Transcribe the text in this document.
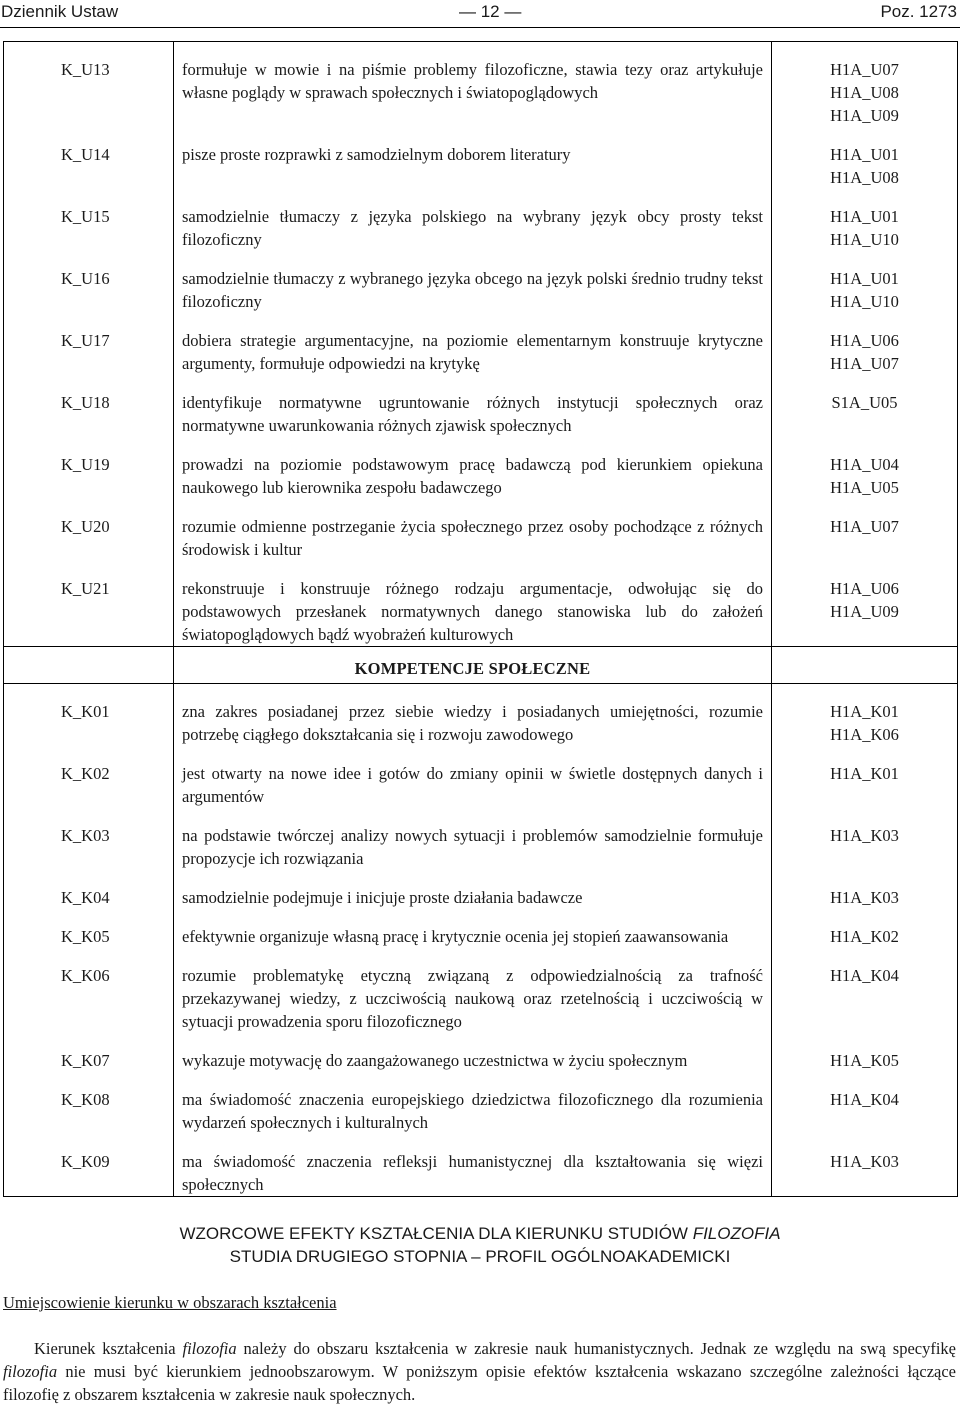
Dziennik Ustaw	— 12 —	Poz. 1273
K_U13	formułuje w mowie i na piśmie problemy filozoficzne, stawia tezy oraz artykułuje własne poglądy w sprawach społecznych i światopoglądowych	H1A_U07
H1A_U08
H1A_U09

K_U14	pisze proste rozprawki z samodzielnym doborem literatury	H1A_U01
H1A_U08

K_U15	samodzielnie tłumaczy z języka polskiego na wybrany język obcy prosty tekst filozoficzny	H1A_U01
H1A_U10

K_U16	samodzielnie tłumaczy z wybranego języka obcego na język polski średnio trudny tekst filozoficzny	H1A_U01
H1A_U10

K_U17	dobiera strategie argumentacyjne, na poziomie elementarnym konstruuje krytyczne argumenty, formułuje odpowiedzi na krytykę	H1A_U06
H1A_U07

K_U18	identyfikuje normatywne ugruntowanie różnych instytucji społecznych oraz normatywne uwarunkowania różnych zjawisk społecznych	S1A_U05

K_U19	prowadzi na poziomie podstawowym pracę badawczą pod kierunkiem opiekuna naukowego lub kierownika zespołu badawczego	H1A_U04
H1A_U05

K_U20	rozumie odmienne postrzeganie życia społecznego przez osoby pochodzące z różnych środowisk i kultur	H1A_U07

K_U21	rekonstruuje i konstruuje różnego rodzaju argumentacje, odwołując się do podstawowych przesłanek normatywnych danego stanowiska lub do założeń światopoglądowych bądź wyobrażeń kulturowych	H1A_U06
H1A_U09

	KOMPETENCJE SPOŁECZNE	
K_K01	zna zakres posiadanej przez siebie wiedzy i posiadanych umiejętności, rozumie potrzebę ciągłego dokształcania się i rozwoju zawodowego	H1A_K01
H1A_K06

K_K02	jest otwarty na nowe idee i gotów do zmiany opinii w świetle dostępnych danych i argumentów	H1A_K01

K_K03	na podstawie twórczej analizy nowych sytuacji i problemów samodzielnie formułuje propozycje ich rozwiązania	H1A_K03

K_K04	samodzielnie podejmuje i inicjuje proste działania badawcze	H1A_K03

K_K05	efektywnie organizuje własną pracę i krytycznie ocenia jej stopień zaawansowania	H1A_K02

K_K06	rozumie problematykę etyczną związaną z odpowiedzialnością za trafność przekazywanej wiedzy, z uczciwością naukową oraz rzetelnością i uczciwością w sytuacji prowadzenia sporu filozoficznego	H1A_K04

K_K07	wykazuje motywację do zaangażowanego uczestnictwa w życiu społecznym	H1A_K05

K_K08	ma świadomość znaczenia europejskiego dziedzictwa filozoficznego dla rozumienia wydarzeń społecznych i kulturalnych	H1A_K04

K_K09	ma świadomość znaczenia refleksji humanistycznej dla kształtowania się więzi społecznych	H1A_K03
WZORCOWE EFEKTY KSZTAŁCENIA DLA KIERUNKU STUDIÓW FILOZOFIA
STUDIA DRUGIEGO STOPNIA – PROFIL OGÓLNOAKADEMICKI
Umiejscowienie kierunku w obszarach kształcenia

Kierunek kształcenia filozofia należy do obszaru kształcenia w zakresie nauk humanistycznych. Jednak ze względu na swą specyfikę filozofia nie musi być kierunkiem jednoobszarowym. W poniższym opisie efektów kształcenia wskazano szczególne zależności łączące filozofię z obszarem kształcenia w zakresie nauk społecznych.
